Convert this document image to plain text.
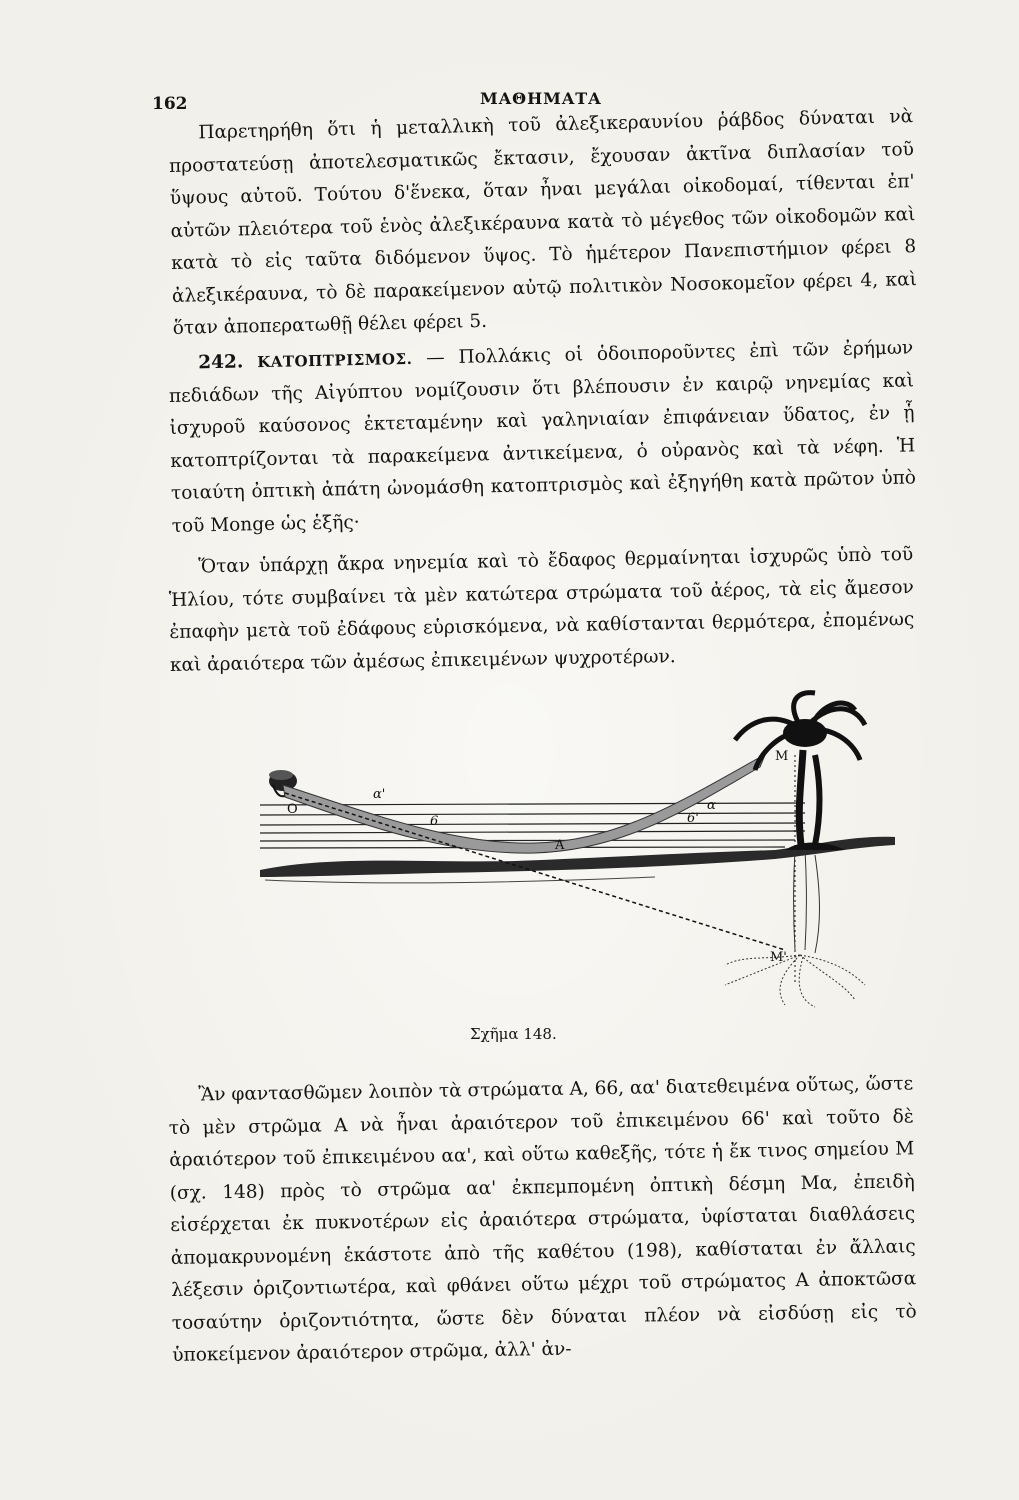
162	ΜΑΘΗΜΑΤΑ

Παρετηρήθη ὅτι ἡ μεταλλικὴ τοῦ ἀλεξικεραυνίου ῥάβδος δύναται νὰ προστατεύσῃ ἀποτελεσματικῶς ἔκτασιν, ἔχουσαν ἀκτῖνα διπλασίαν τοῦ ὕψους αὐτοῦ. Τούτου δ'ἕνεκα, ὅταν ἦναι μεγάλαι οἰκοδομαί, τίθενται ἐπ' αὐτῶν πλειότερα τοῦ ἑνὸς ἀλεξικέραυνα κατὰ τὸ μέγεθος τῶν οἰκοδομῶν καὶ κατὰ τὸ εἰς ταῦτα διδόμενον ὕψος. Τὸ ἡμέτερον Πανεπιστήμιον φέρει 8 ἀλεξικέραυνα, τὸ δὲ παρακείμενον αὐτῷ πολιτικὸν Νοσοκομεῖον φέρει 4, καὶ ὅταν ἀποπερατωθῇ θέλει φέρει 5.

242. ΚΑΤΟΠΤΡΙΣΜΟΣ. — Πολλάκις οἱ ὁδοιποροῦντες ἐπὶ τῶν ἐρήμων πεδιάδων τῆς Αἰγύπτου νομίζουσιν ὅτι βλέπουσιν ἐν καιρῷ νηνεμίας καὶ ἰσχυροῦ καύσονος ἐκτεταμένην καὶ γαληνιαίαν ἐπιφάνειαν ὕδατος, ἐν ᾗ κατοπτρίζονται τὰ παρακείμενα ἀντικείμενα, ὁ οὐρανὸς καὶ τὰ νέφη. Ἡ τοιαύτη ὀπτικὴ ἀπάτη ὠνομάσθη κατοπτρισμὸς καὶ ἐξηγήθη κατὰ πρῶτον ὑπὸ τοῦ Monge ὡς ἑξῆς·

Ὅταν ὑπάρχῃ ἄκρα νηνεμία καὶ τὸ ἔδαφος θερμαίνηται ἰσχυρῶς ὑπὸ τοῦ Ἡλίου, τότε συμβαίνει τὰ μὲν κατώτερα στρώματα τοῦ ἀέρος, τὰ εἰς ἄμεσον ἐπαφὴν μετὰ τοῦ ἐδάφους εὑρισκόμενα, νὰ καθίστανται θερμότερα, ἐπομένως καὶ ἀραιότερα τῶν ἀμέσως ἐπικειμένων ψυχροτέρων.

O
α'
6	6'
α
A
M
M'
Σχῆμα 148.

Ἂν φαντασθῶμεν λοιπὸν τὰ στρώματα Α, 66, αα' διατεθειμένα οὕτως, ὥστε τὸ μὲν στρῶμα Α νὰ ἦναι ἀραιότερον τοῦ ἐπικειμένου 66' καὶ τοῦτο δὲ ἀραιότερον τοῦ ἐπικειμένου αα', καὶ οὕτω καθεξῆς, τότε ἡ ἔκ τινος σημείου Μ (σχ. 148) πρὸς τὸ στρῶμα αα' ἐκπεμπομένη ὀπτικὴ δέσμη Μα, ἐπειδὴ εἰσέρχεται ἐκ πυκνοτέρων εἰς ἀραιότερα στρώματα, ὑφίσταται διαθλάσεις ἀπομακρυνομένη ἑκάστοτε ἀπὸ τῆς καθέτου (198), καθίσταται ἐν ἄλλαις λέξεσιν ὁριζοντιωτέρα, καὶ φθάνει οὕτω μέχρι τοῦ στρώματος Α ἀποκτῶσα τοσαύτην ὁριζοντιότητα, ὥστε δὲν δύναται πλέον νὰ εἰσδύσῃ εἰς τὸ ὑποκείμενον ἀραιότερον στρῶμα, ἀλλ' ἀν-
